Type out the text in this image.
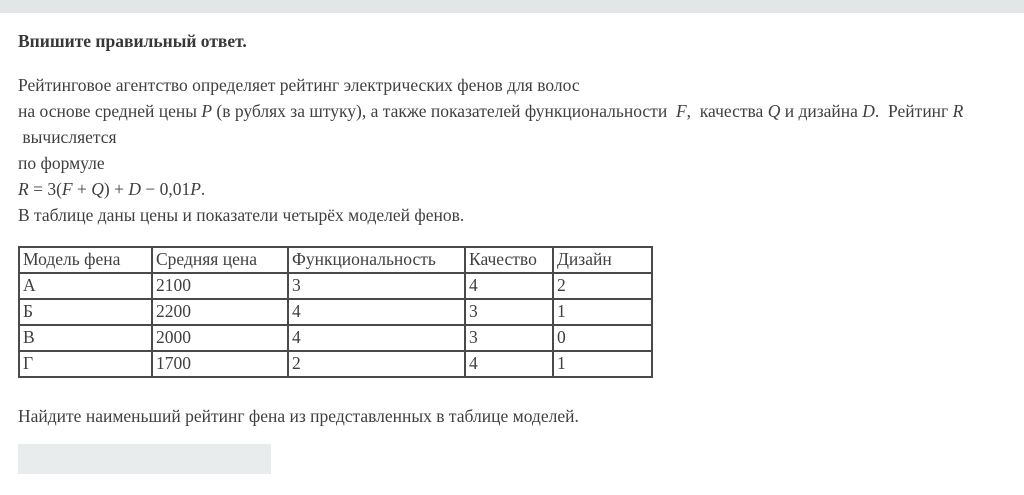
Впишите правильный ответ.
Рейтинговое агентство определяет рейтинг электрических фенов для волос
на основе средней цены P (в рублях за штуку), а также показателей функциональности  F,  качества Q и дизайна D.  Рейтинг R
вычисляется
по формуле
R = 3(F + Q) + D − 0,01P.
В таблице даны цены и показатели четырёх моделей фенов.
Модель фена	Средняя цена	Функциональность	Качество	Дизайн
А	2100	3	4	2
Б	2200	4	3	1
В	2000	4	3	0
Г	1700	2	4	1
Найдите наименьший рейтинг фена из представленных в таблице моделей.
